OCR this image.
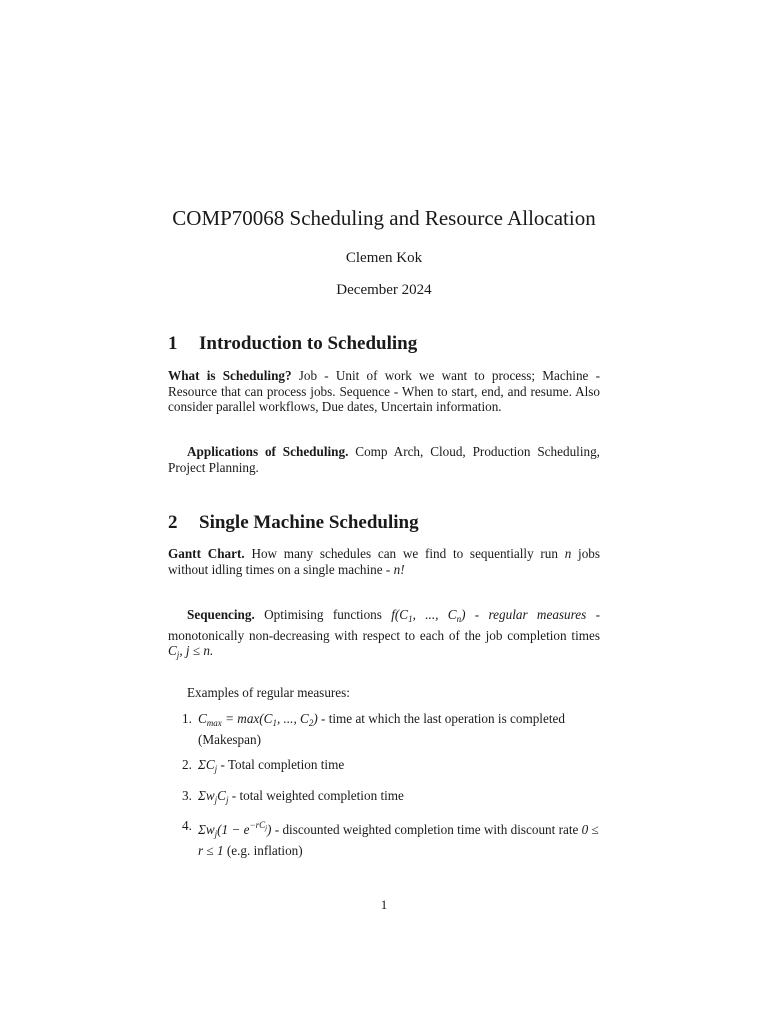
COMP70068 Scheduling and Resource Allocation
Clemen Kok
December 2024
1 Introduction to Scheduling

What is Scheduling? Job - Unit of work we want to process; Machine - Resource that can process jobs. Sequence - When to start, end, and resume. Also consider parallel workflows, Due dates, Uncertain information.

Applications of Scheduling. Comp Arch, Cloud, Production Scheduling, Project Planning.

2 Single Machine Scheduling

Gantt Chart. How many schedules can we find to sequentially run n jobs without idling times on a single machine - n!

Sequencing. Optimising functions $f(C_1$, ..., $C_n$) - regular measures - monotonically non-decreasing with respect to each of the job completion times $C_j$, j ≤ n.

Examples of regular measures:

1. $C_{max} = \max(C_1$, ..., $C_2$) - time at which the last operation is completed (Makespan)
2. $\Sigma C_j$ - Total completion time
3. $\Sigma w_jC_j$ - total weighted completion time
4. $\Sigma w_j(1 - e^{-rC_j})$ - discounted weighted completion time with discount rate 0 ≤ r ≤ 1 (e.g. inflation)
1
